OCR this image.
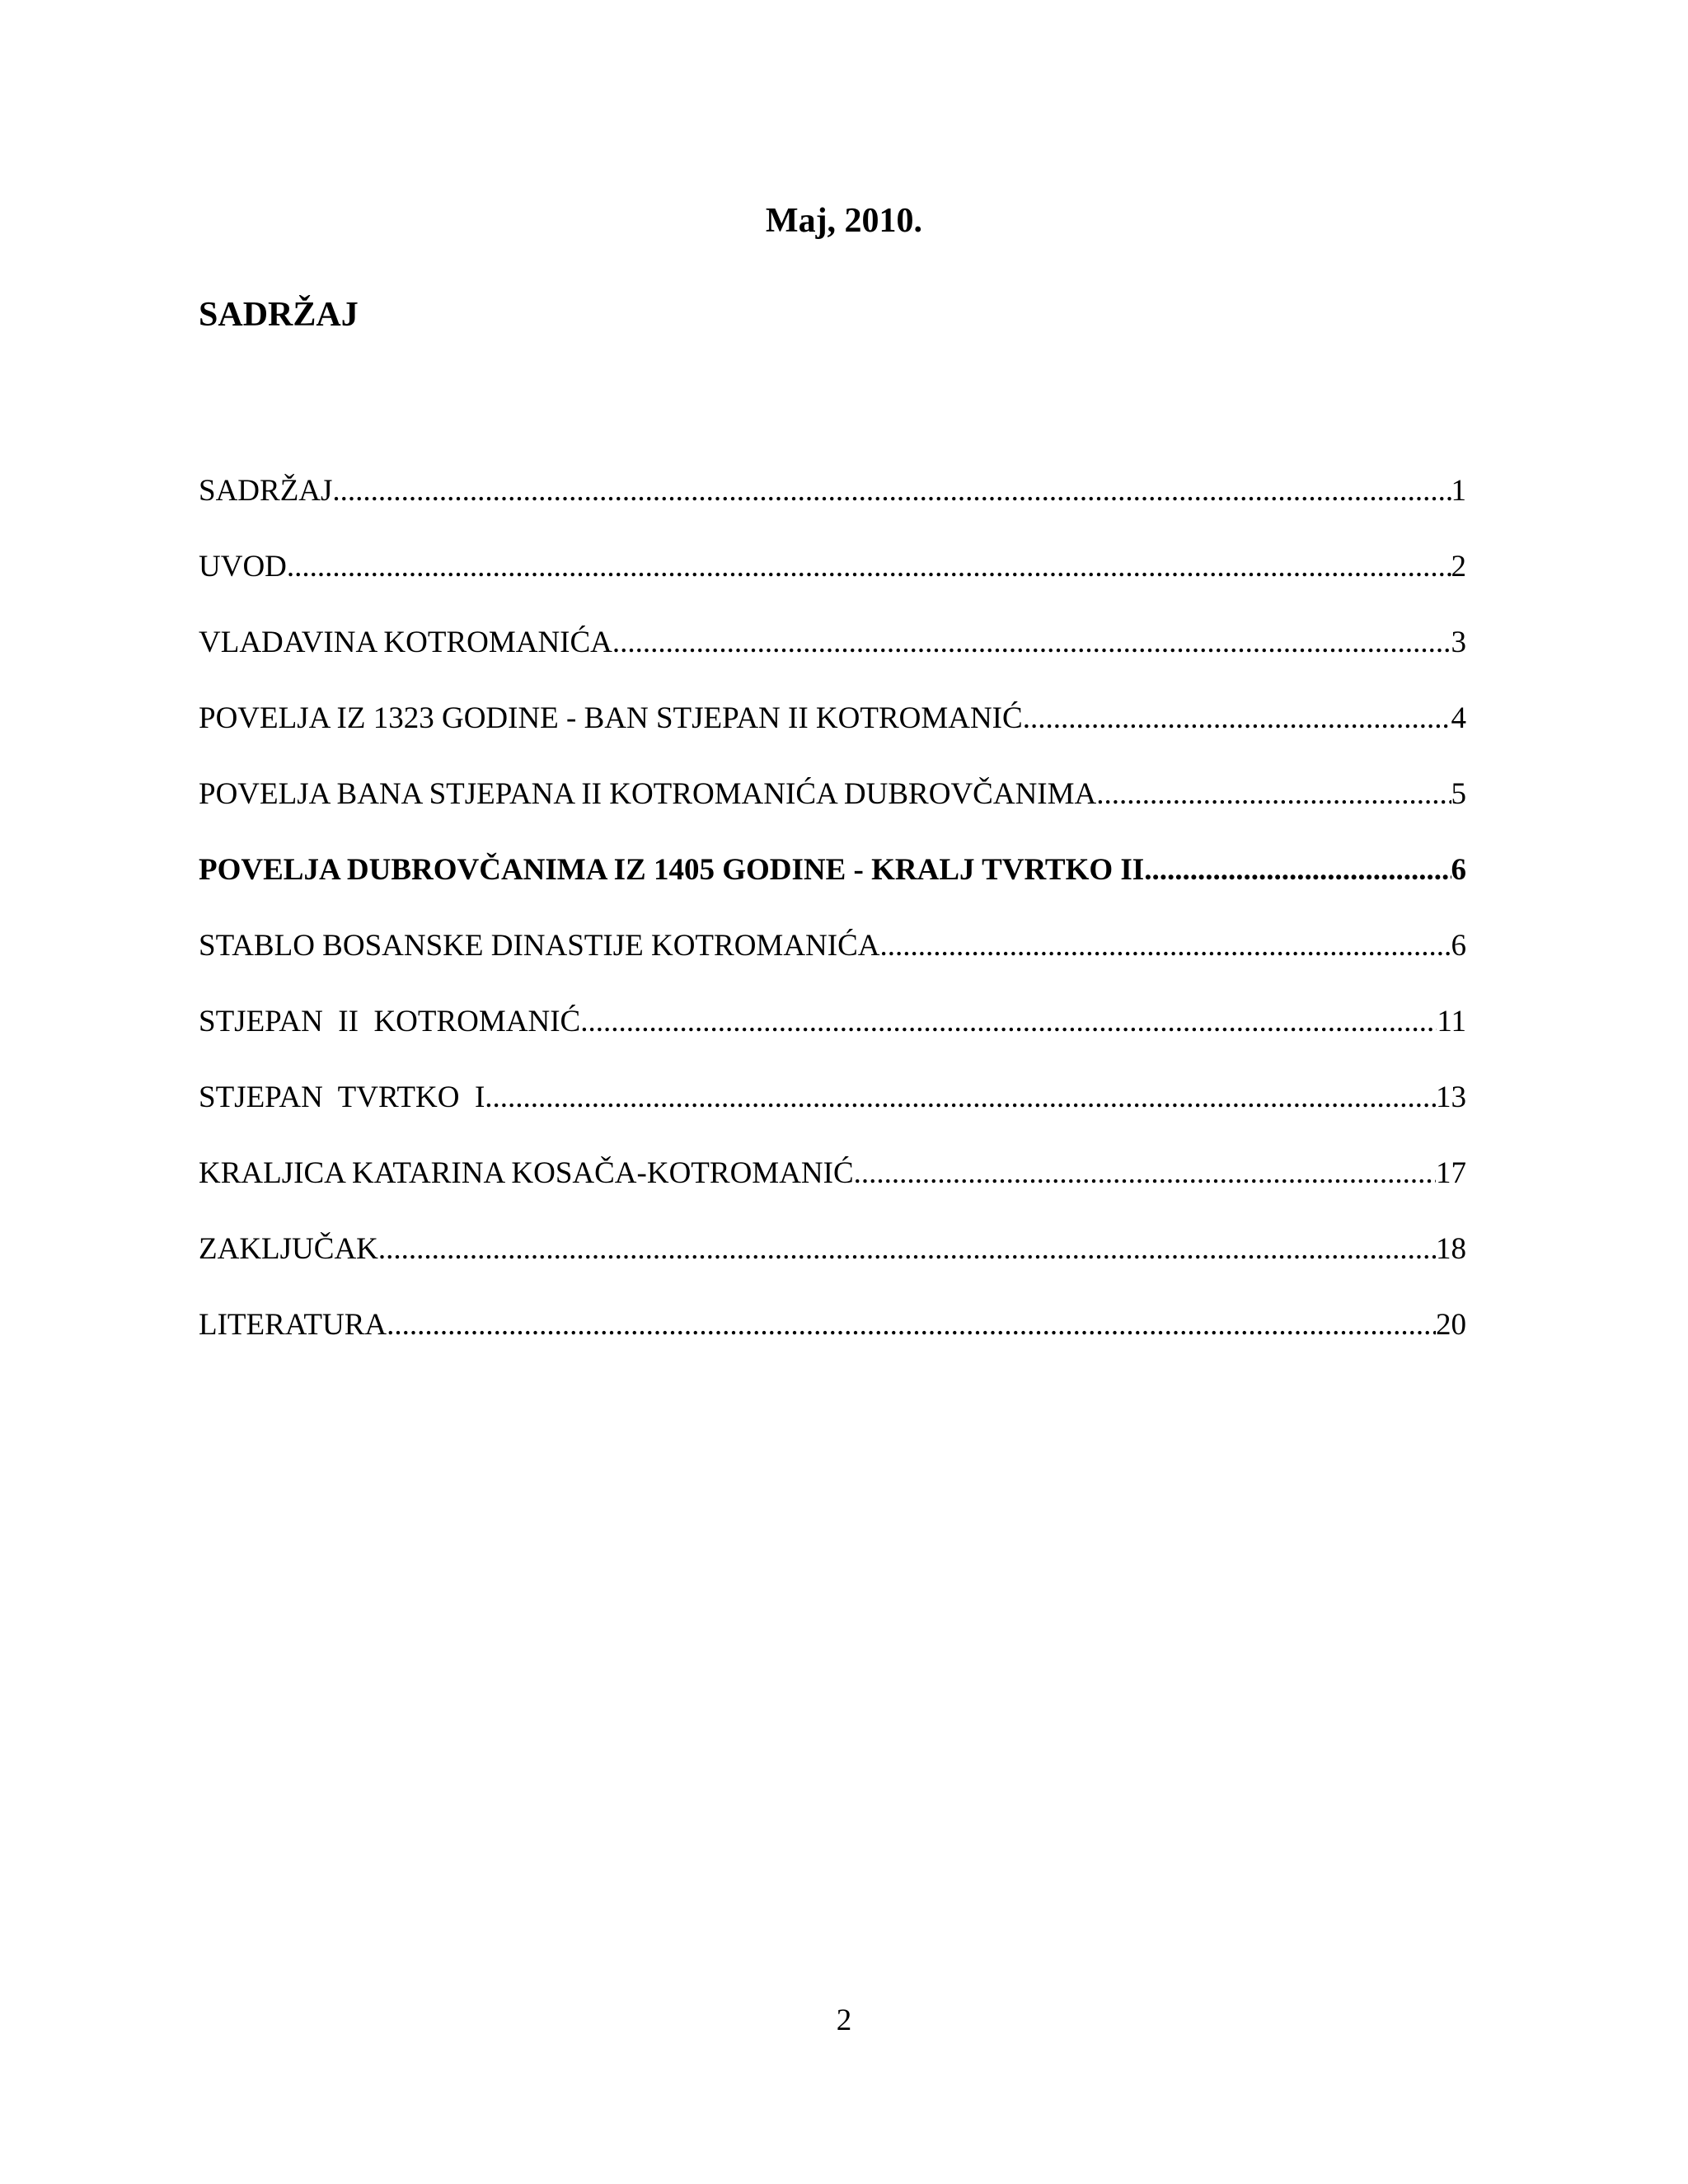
Maj, 2010.
SADRŽAJ
SADRŽAJ .....	1
UVOD .....	2
VLADAVINA KOTROMANIĆA .....	3
POVELJA IZ 1323 GODINE - BAN STJEPAN II KOTROMANIĆ .....	4
POVELJA BANA STJEPANA II KOTROMANIĆA DUBROVČANIMA .....	5
POVELJA DUBROVČANIMA IZ 1405 GODINE - KRALJ TVRTKO II .....	6
STABLO BOSANSKE DINASTIJE KOTROMANIĆA .....	6
STJEPAN  II  KOTROMANIĆ .....	11
STJEPAN  TVRTKO  I .....	13
KRALJICA KATARINA KOSAČA-KOTROMANIĆ .....	17
ZAKLJUČAK .....	18
LITERATURA .....	20
2
